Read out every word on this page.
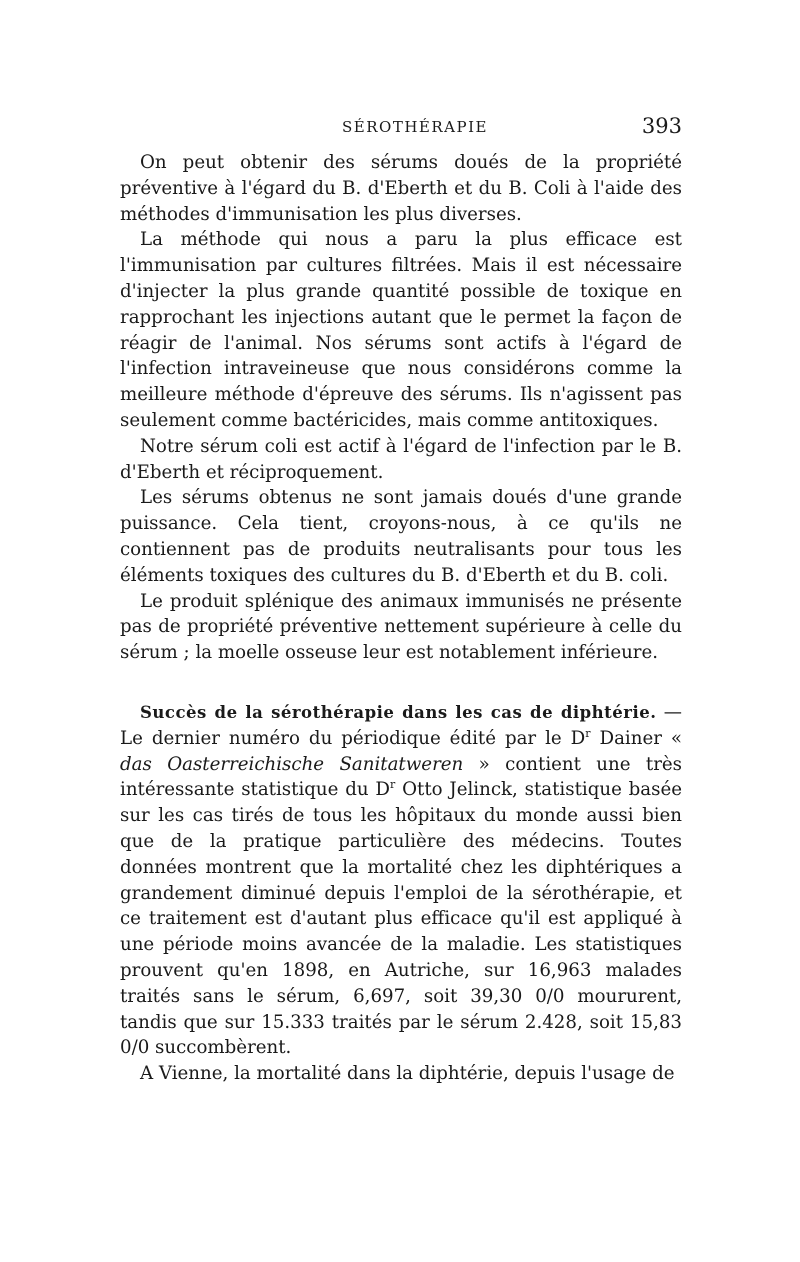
SÉROTHÉRAPIE	393

On peut obtenir des sérums doués de la propriété préventive à l'égard du B. d'Eberth et du B. Coli à l'aide des méthodes d'immunisation les plus diverses.

La méthode qui nous a paru la plus efficace est l'immunisation par cultures filtrées. Mais il est nécessaire d'injecter la plus grande quantité possible de toxique en rapprochant les injections autant que le permet la façon de réagir de l'animal. Nos sérums sont actifs à l'égard de l'infection intraveineuse que nous considérons comme la meilleure méthode d'épreuve des sérums. Ils n'agissent pas seulement comme bactéricides, mais comme antitoxiques.

Notre sérum coli est actif à l'égard de l'infection par le B. d'Eberth et réciproquement.

Les sérums obtenus ne sont jamais doués d'une grande puissance. Cela tient, croyons-nous, à ce qu'ils ne contiennent pas de produits neutralisants pour tous les éléments toxiques des cultures du B. d'Eberth et du B. coli.

Le produit splénique des animaux immunisés ne présente pas de propriété préventive nettement supérieure à celle du sérum ; la moelle osseuse leur est notablement inférieure.

Succès de la sérothérapie dans les cas de diphtérie. — Le dernier numéro du périodique édité par le $D^r$ Dainer « das Oasterreichische Sanitatweren » contient une très intéressante statistique du $D^r$ Otto Jelinck, statistique basée sur les cas tirés de tous les hôpitaux du monde aussi bien que de la pratique particulière des médecins. Toutes données montrent que la mortalité chez les diphtériques a grandement diminué depuis l'emploi de la sérothérapie, et ce traitement est d'autant plus efficace qu'il est appliqué à une période moins avancée de la maladie. Les statistiques prouvent qu'en 1898, en Autriche, sur 16,963 malades traités sans le sérum, 6,697, soit 39,30 0/0 moururent, tandis que sur 15.333 traités par le sérum 2.428, soit 15,83 0/0 succombèrent.

A Vienne, la mortalité dans la diphtérie, depuis l'usage de
